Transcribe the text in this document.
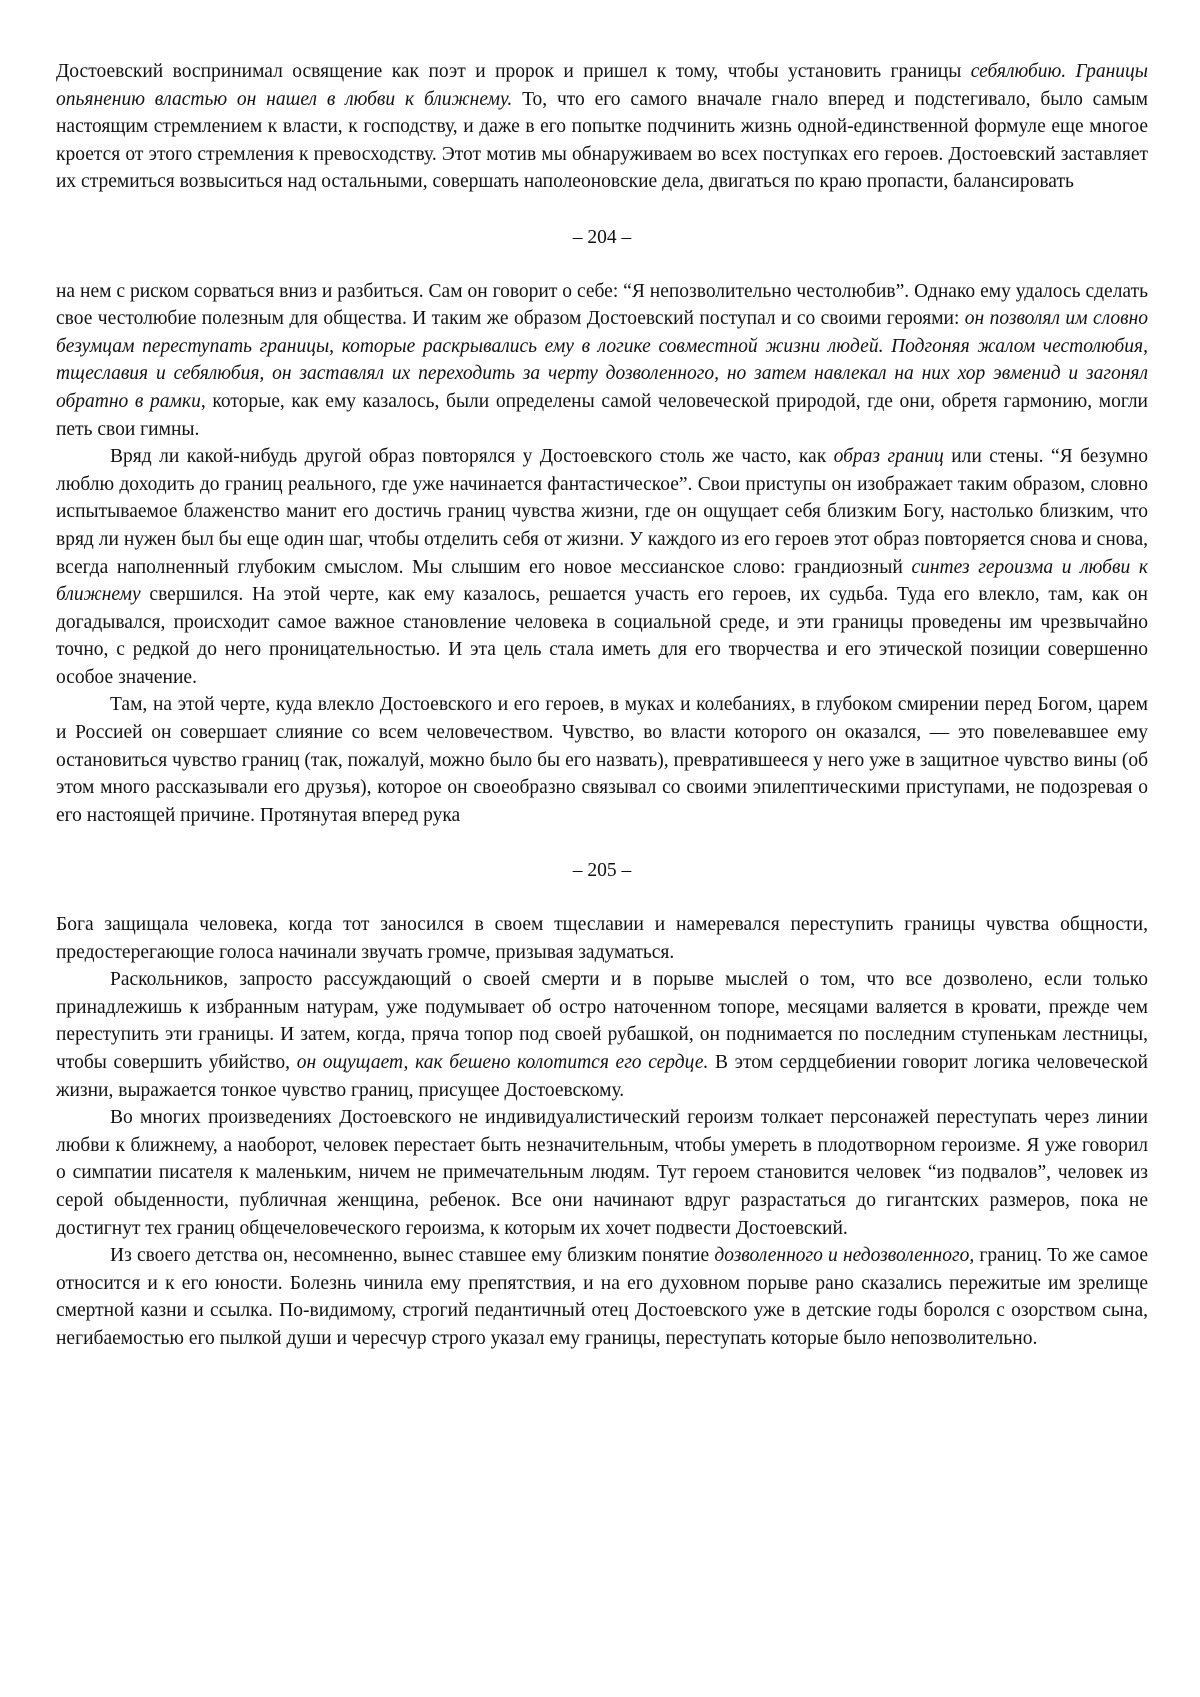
Достоевский воспринимал освящение как поэт и пророк и пришел к тому, чтобы установить границы себялюбию. Границы опьянению властью он нашел в любви к ближнему. То, что его самого вначале гнало вперед и подстегивало, было самым настоящим стремлением к власти, к господству, и даже в его попытке подчинить жизнь одной-единственной формуле еще многое кроется от этого стремления к превосходству. Этот мотив мы обнаруживаем во всех поступках его героев. Достоевский заставляет их стремиться возвыситься над остальными, совершать наполеоновские дела, двигаться по краю пропасти, балансировать

– 204 –

на нем с риском сорваться вниз и разбиться. Сам он говорит о себе: “Я непозволительно честолюбив”. Однако ему удалось сделать свое честолюбие полезным для общества. И таким же образом Достоевский поступал и со своими героями: он позволял им словно безумцам переступать границы, которые раскрывались ему в логике совместной жизни людей. Подгоняя жалом честолюбия, тщеславия и себялюбия, он заставлял их переходить за черту дозволенного, но затем навлекал на них хор эвменид и загонял обратно в рамки, которые, как ему казалось, были определены самой человеческой природой, где они, обретя гармонию, могли петь свои гимны.

Вряд ли какой-нибудь другой образ повторялся у Достоевского столь же часто, как образ границ или стены. “Я безумно люблю доходить до границ реального, где уже начинается фантастическое”. Свои приступы он изображает таким образом, словно испытываемое блаженство манит его достичь границ чувства жизни, где он ощущает себя близким Богу, настолько близким, что вряд ли нужен был бы еще один шаг, чтобы отделить себя от жизни. У каждого из его героев этот образ повторяется снова и снова, всегда наполненный глубоким смыслом. Мы слышим его новое мессианское слово: грандиозный синтез героизма и любви к ближнему свершился. На этой черте, как ему казалось, решается участь его героев, их судьба. Туда его влекло, там, как он догадывался, происходит самое важное становление человека в социальной среде, и эти границы проведены им чрезвычайно точно, с редкой до него проницательностью. И эта цель стала иметь для его творчества и его этической позиции совершенно особое значение.

Там, на этой черте, куда влекло Достоевского и его героев, в муках и колебаниях, в глубоком смирении перед Богом, царем и Россией он совершает слияние со всем человечеством. Чувство, во власти которого он оказался, — это повелевавшее ему остановиться чувство границ (так, пожалуй, можно было бы его назвать), превратившееся у него уже в защитное чувство вины (об этом много рассказывали его друзья), которое он своеобразно связывал со своими эпилептическими приступами, не подозревая о его настоящей причине. Протянутая вперед рука

– 205 –

Бога защищала человека, когда тот заносился в своем тщеславии и намеревался переступить границы чувства общности, предостерегающие голоса начинали звучать громче, призывая задуматься.

Раскольников, запросто рассуждающий о своей смерти и в порыве мыслей о том, что все дозволено, если только принадлежишь к избранным натурам, уже подумывает об остро наточенном топоре, месяцами валяется в кровати, прежде чем переступить эти границы. И затем, когда, пряча топор под своей рубашкой, он поднимается по последним ступенькам лестницы, чтобы совершить убийство, он ощущает, как бешено колотится его сердце. В этом сердцебиении говорит логика человеческой жизни, выражается тонкое чувство границ, присущее Достоевскому.

Во многих произведениях Достоевского не индивидуалистический героизм толкает персонажей переступать через линии любви к ближнему, а наоборот, человек перестает быть незначительным, чтобы умереть в плодотворном героизме. Я уже говорил о симпатии писателя к маленьким, ничем не примечательным людям. Тут героем становится человек “из подвалов”, человек из серой обыденности, публичная женщина, ребенок. Все они начинают вдруг разрастаться до гигантских размеров, пока не достигнут тех границ общечеловеческого героизма, к которым их хочет подвести Достоевский.

Из своего детства он, несомненно, вынес ставшее ему близким понятие дозволенного и недозволенного, границ. То же самое относится и к его юности. Болезнь чинила ему препятствия, и на его духовном порыве рано сказались пережитые им зрелище смертной казни и ссылка. По-видимому, строгий педантичный отец Достоевского уже в детские годы боролся с озорством сына, негибаемостью его пылкой души и чересчур строго указал ему границы, переступать которые было непозволительно.
